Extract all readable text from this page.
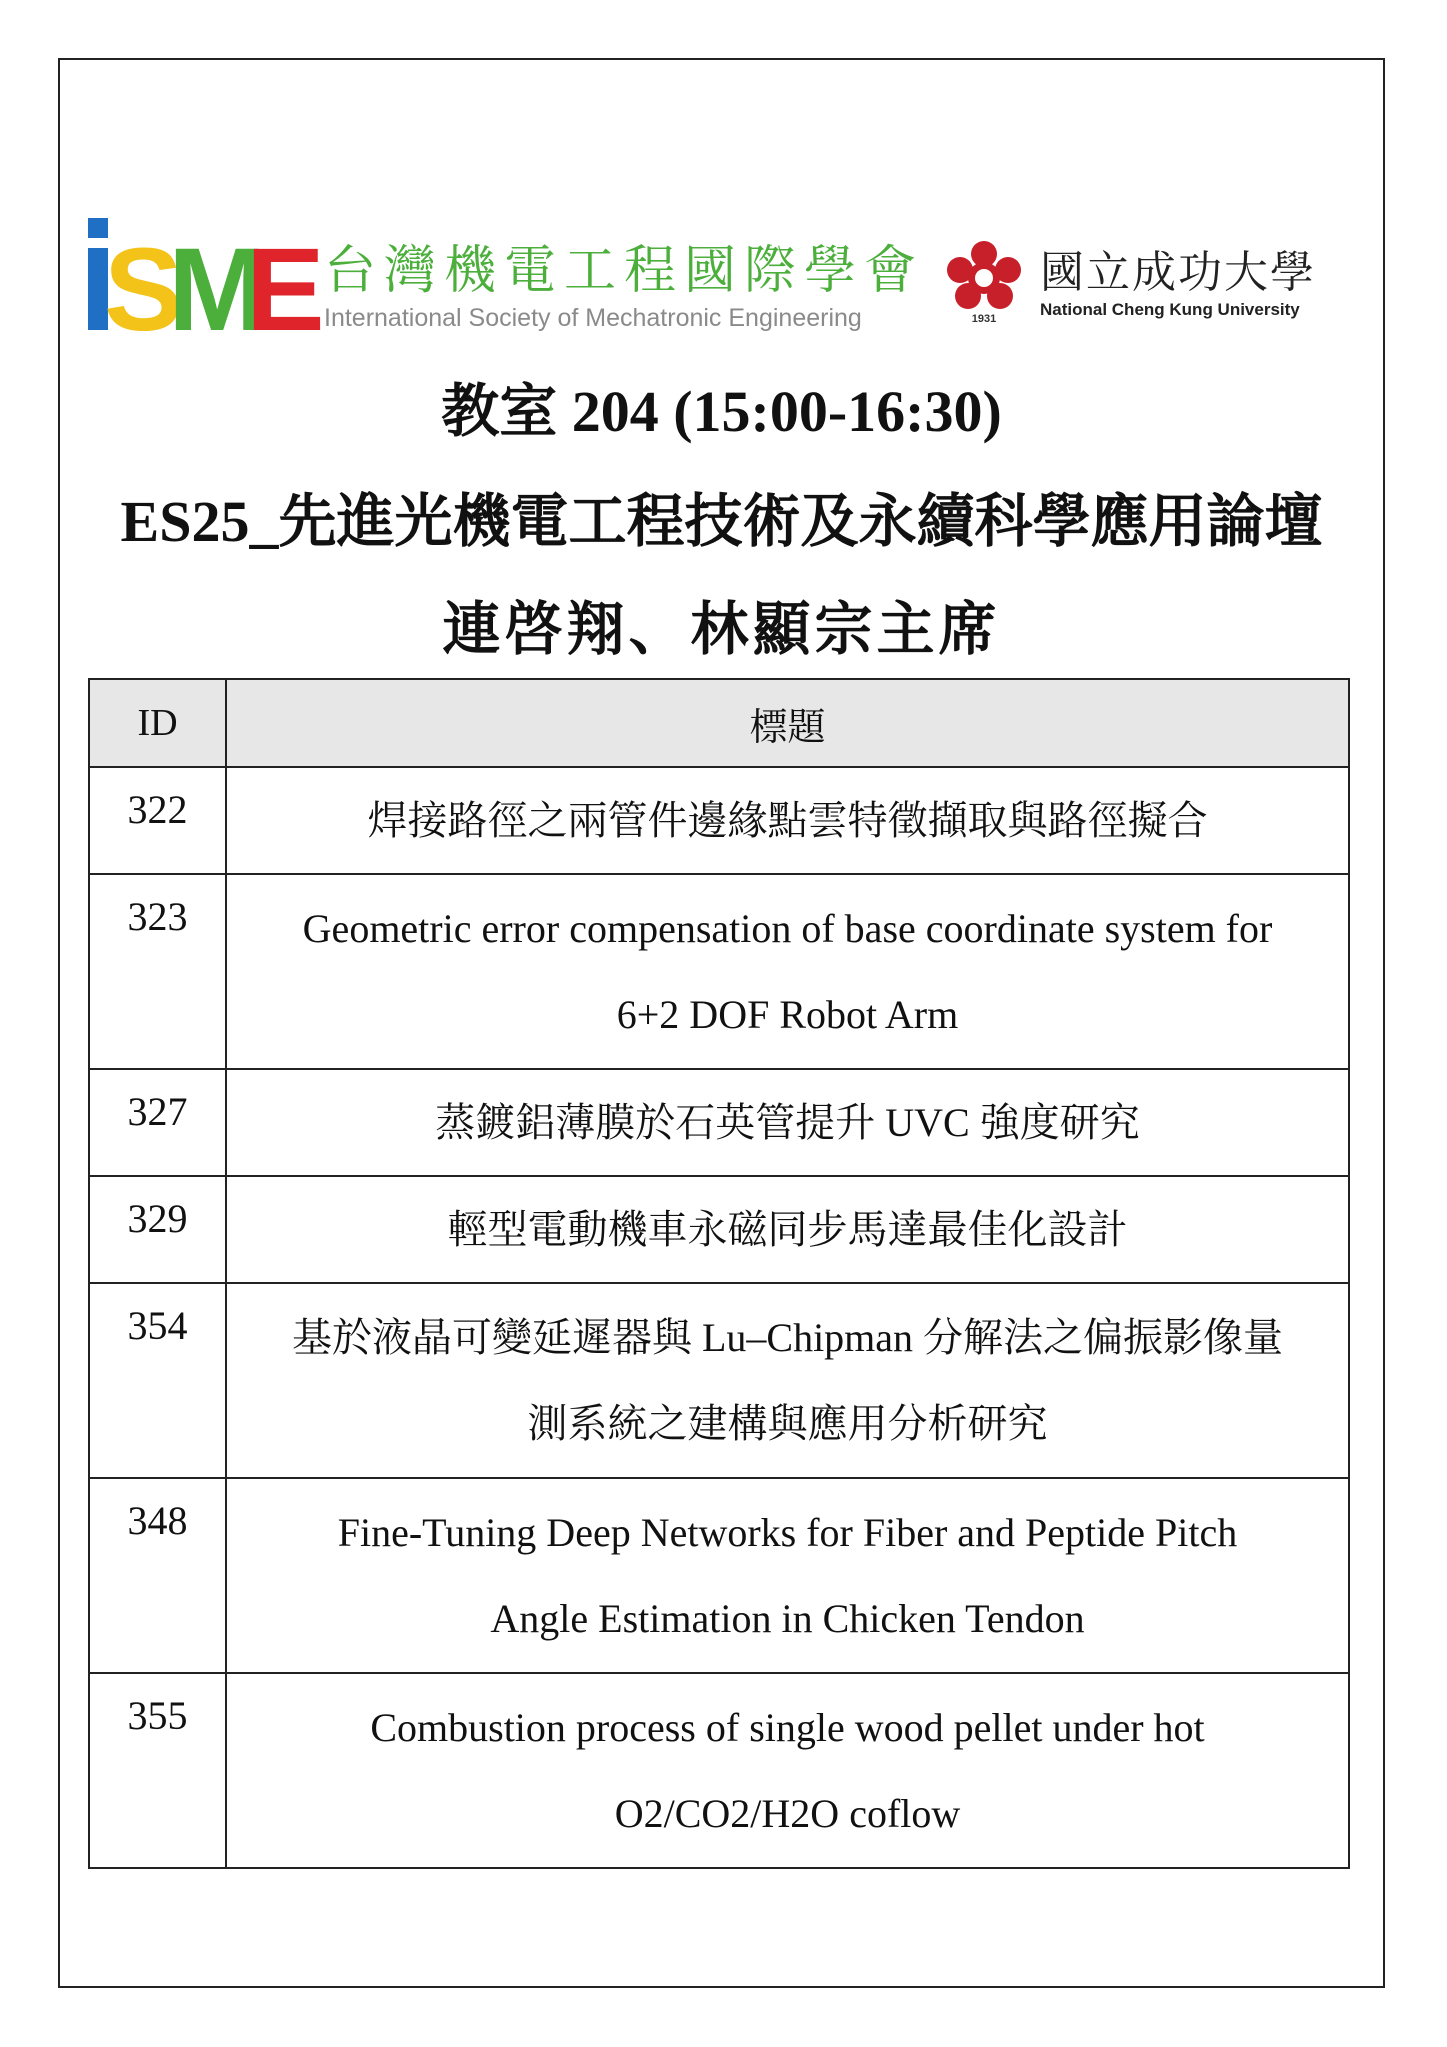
S
M
E 台灣機電工程國際學會
International Society of Mechatronic Engineering	1931
國立成功大學
National Cheng Kung University
教室 204 (15:00-16:30)
ES25_先進光機電工程技術及永續科學應用論壇
連啓翔、林顯宗主席
ID	標題
322	焊接路徑之兩管件邊緣點雲特徵擷取與路徑擬合
323	Geometric error compensation of base coordinate system for
6+2 DOF Robot Arm
327	蒸鍍鋁薄膜於石英管提升 UVC 強度研究
329	輕型電動機車永磁同步馬達最佳化設計
354	基於液晶可變延遲器與 Lu–Chipman 分解法之偏振影像量
測系統之建構與應用分析研究
348	Fine-Tuning Deep Networks for Fiber and Peptide Pitch
Angle Estimation in Chicken Tendon
355	Combustion process of single wood pellet under hot
O2/CO2/H2O coflow
